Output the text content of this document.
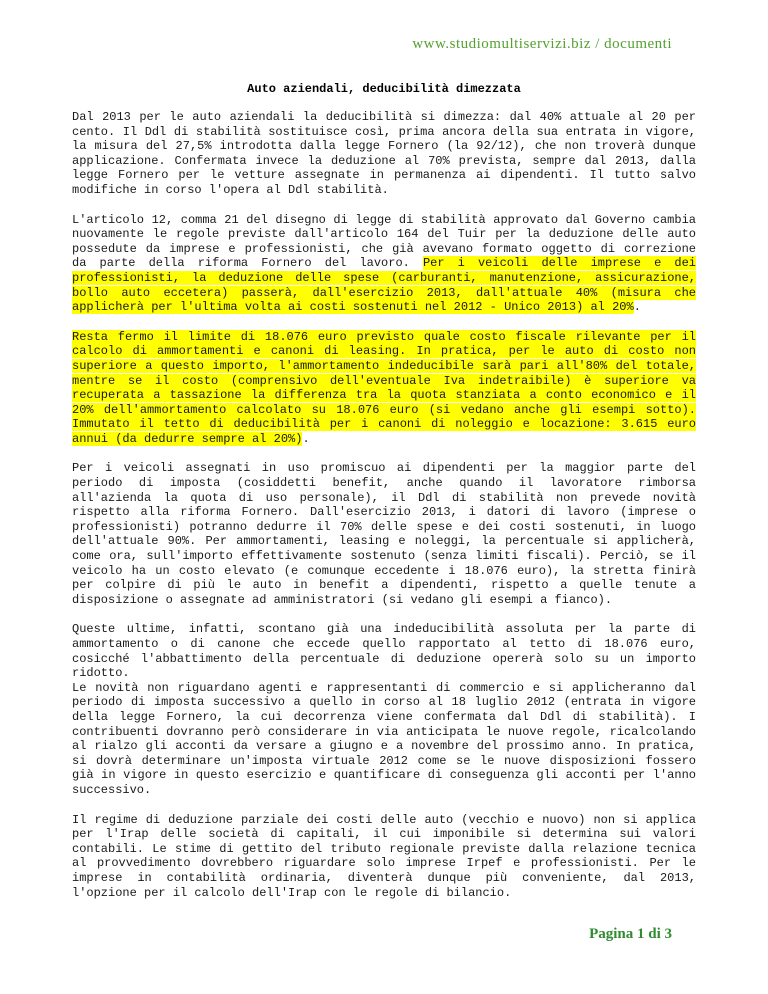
www.studiomultiservizi.biz / documenti
Auto aziendali, deducibilità dimezzata

Dal 2013 per le auto aziendali la deducibilità si dimezza: dal 40% attuale al 20 per cento. Il Ddl di stabilità sostituisce così, prima ancora della sua entrata in vigore, la misura del 27,5% introdotta dalla legge Fornero (la 92/12), che non troverà dunque applicazione. Confermata invece la deduzione al 70% prevista, sempre dal 2013, dalla legge Fornero per le vetture assegnate in permanenza ai dipendenti. Il tutto salvo modifiche in corso l'opera al Ddl stabilità.

L'articolo 12, comma 21 del disegno di legge di stabilità approvato dal Governo cambia nuovamente le regole previste dall'articolo 164 del Tuir per la deduzione delle auto possedute da imprese e professionisti, che già avevano formato oggetto di correzione da parte della riforma Fornero del lavoro. Per i veicoli delle imprese e dei professionisti, la deduzione delle spese (carburanti, manutenzione, assicurazione, bollo auto eccetera) passerà, dall'esercizio 2013, dall'attuale 40% (misura che applicherà per l'ultima volta ai costi sostenuti nel 2012 - Unico 2013) al 20%.

Resta fermo il limite di 18.076 euro previsto quale costo fiscale rilevante per il calcolo di ammortamenti e canoni di leasing. In pratica, per le auto di costo non superiore a questo importo, l'ammortamento indeducibile sarà pari all'80% del totale, mentre se il costo (comprensivo dell'eventuale Iva indetraibile) è superiore va recuperata a tassazione la differenza tra la quota stanziata a conto economico e il 20% dell'ammortamento calcolato su 18.076 euro (si vedano anche gli esempi sotto). Immutato il tetto di deducibilità per i canoni di noleggio e locazione: 3.615 euro annui (da dedurre sempre al 20%).

Per i veicoli assegnati in uso promiscuo ai dipendenti per la maggior parte del periodo di imposta (cosiddetti benefit, anche quando il lavoratore rimborsa all'azienda la quota di uso personale), il Ddl di stabilità non prevede novità rispetto alla riforma Fornero. Dall'esercizio 2013, i datori di lavoro (imprese o professionisti) potranno dedurre il 70% delle spese e dei costi sostenuti, in luogo dell'attuale 90%. Per ammortamenti, leasing e noleggi, la percentuale si applicherà, come ora, sull'importo effettivamente sostenuto (senza limiti fiscali). Perciò, se il veicolo ha un costo elevato (e comunque eccedente i 18.076 euro), la stretta finirà per colpire di più le auto in benefit a dipendenti, rispetto a quelle tenute a disposizione o assegnate ad amministratori (si vedano gli esempi a fianco).

Queste ultime, infatti, scontano già una indeducibilità assoluta per la parte di ammortamento o di canone che eccede quello rapportato al tetto di 18.076 euro, cosicché l'abbattimento della percentuale di deduzione opererà solo su un importo ridotto.

Le novità non riguardano agenti e rappresentanti di commercio e si applicheranno dal periodo di imposta successivo a quello in corso al 18 luglio 2012 (entrata in vigore della legge Fornero, la cui decorrenza viene confermata dal Ddl di stabilità). I contribuenti dovranno però considerare in via anticipata le nuove regole, ricalcolando al rialzo gli acconti da versare a giugno e a novembre del prossimo anno. In pratica, si dovrà determinare un'imposta virtuale 2012 come se le nuove disposizioni fossero già in vigore in questo esercizio e quantificare di conseguenza gli acconti per l'anno successivo.

Il regime di deduzione parziale dei costi delle auto (vecchio e nuovo) non si applica per l'Irap delle società di capitali, il cui imponibile si determina sui valori contabili. Le stime di gettito del tributo regionale previste dalla relazione tecnica al provvedimento dovrebbero riguardare solo imprese Irpef e professionisti. Per le imprese in contabilità ordinaria, diventerà dunque più conveniente, dal 2013, l'opzione per il calcolo dell'Irap con le regole di bilancio.

Pagina 1 di 3
